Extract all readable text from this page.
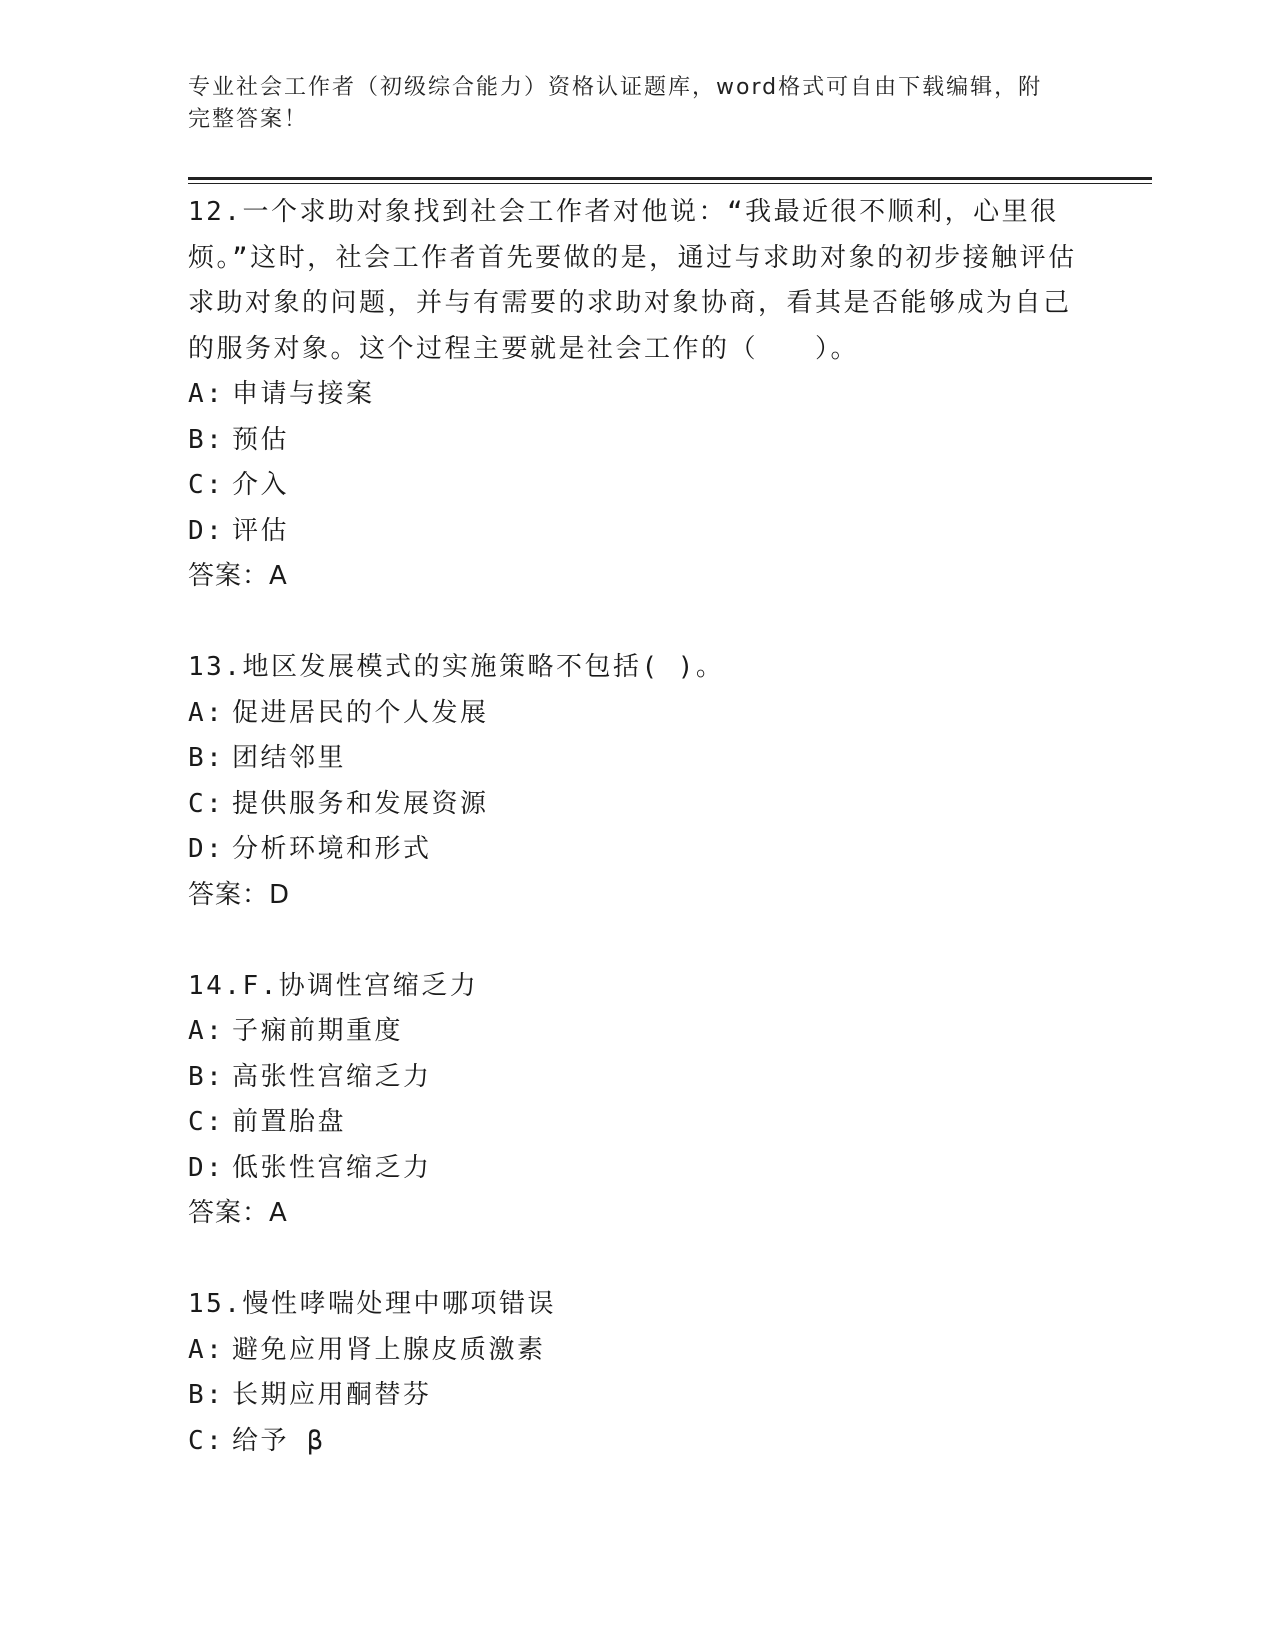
专业社会工作者（初级综合能力）资格认证题库，word格式可自由下载编辑，附
完整答案！

12.一个求助对象找到社会工作者对他说：“我最近很不顺利，心里很烦。”这时，社会工作者首先要做的是，通过与求助对象的初步接触评估求助对象的问题，并与有需要的求助对象协商，看其是否能够成为自己的服务对象。这个过程主要就是社会工作的（　　）。

A: 申请与接案
B: 预估
C: 介入
D: 评估

答案：A

13.地区发展模式的实施策略不包括( )。

A: 促进居民的个人发展
B: 团结邻里
C: 提供服务和发展资源
D: 分析环境和形式

答案：D

14.F.协调性宫缩乏力

A: 子痫前期重度
B: 高张性宫缩乏力
C: 前置胎盘
D: 低张性宫缩乏力

答案：A

15.慢性哮喘处理中哪项错误

A: 避免应用肾上腺皮质激素
B: 长期应用酮替芬
C: 给予 β
